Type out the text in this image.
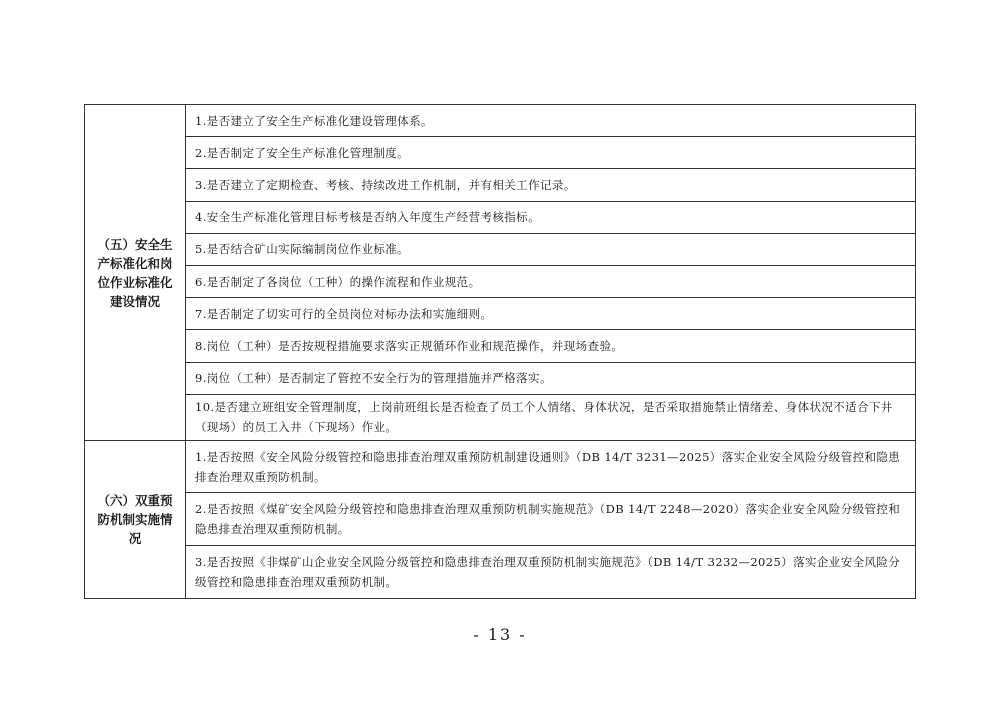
（五）安全生产标准化和岗位作业标准化建设情况
1.是否建立了安全生产标准化建设管理体系。
2.是否制定了安全生产标准化管理制度。
3.是否建立了定期检查、考核、持续改进工作机制，并有相关工作记录。
4.安全生产标准化管理目标考核是否纳入年度生产经营考核指标。
5.是否结合矿山实际编制岗位作业标准。
6.是否制定了各岗位（工种）的操作流程和作业规范。
7.是否制定了切实可行的全员岗位对标办法和实施细则。
8.岗位（工种）是否按规程措施要求落实正规循环作业和规范操作，并现场查验。
9.岗位（工种）是否制定了管控不安全行为的管理措施并严格落实。
10.是否建立班组安全管理制度，上岗前班组长是否检查了员工个人情绪、身体状况，是否采取措施禁止情绪差、身体状况不适合下井（现场）的员工入井（下现场）作业。
（六）双重预防机制实施情况
1.是否按照《安全风险分级管控和隐患排查治理双重预防机制建设通则》（DB 14/T 3231—2025）落实企业安全风险分级管控和隐患排查治理双重预防机制。
2.是否按照《煤矿安全风险分级管控和隐患排查治理双重预防机制实施规范》（DB 14/T 2248—2020）落实企业安全风险分级管控和隐患排查治理双重预防机制。
3.是否按照《非煤矿山企业安全风险分级管控和隐患排查治理双重预防机制实施规范》（DB 14/T 3232—2025）落实企业安全风险分级管控和隐患排查治理双重预防机制。
- 13 -
